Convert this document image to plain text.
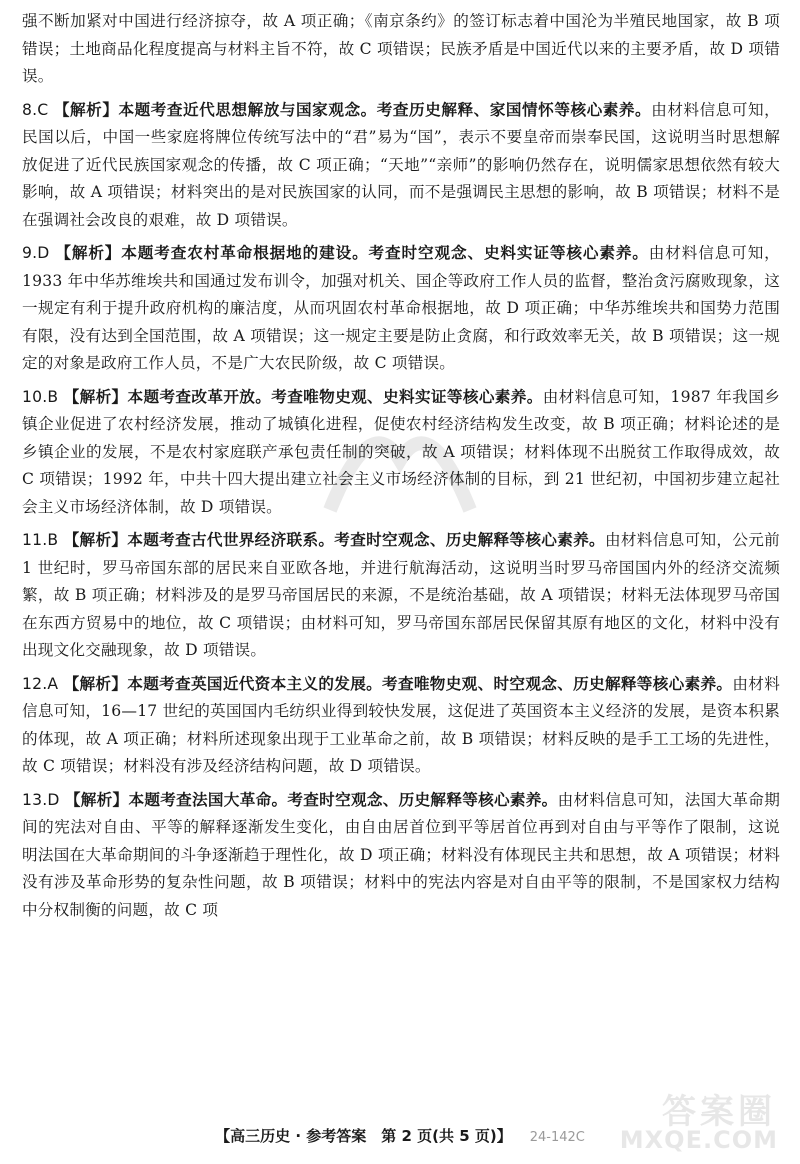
强不断加紧对中国进行经济掠夺，故 A 项正确；《南京条约》的签订标志着中国沦为半殖民地国家，故 B 项错误；土地商品化程度提高与材料主旨不符，故 C 项错误；民族矛盾是中国近代以来的主要矛盾，故 D 项错误。

8.C 【解析】本题考查近代思想解放与国家观念。考查历史解释、家国情怀等核心素养。由材料信息可知，民国以后，中国一些家庭将牌位传统写法中的“君”易为“国”，表示不要皇帝而崇奉民国，这说明当时思想解放促进了近代民族国家观念的传播，故 C 项正确；“天地”“亲师”的影响仍然存在，说明儒家思想依然有较大影响，故 A 项错误；材料突出的是对民族国家的认同，而不是强调民主思想的影响，故 B 项错误；材料不是在强调社会改良的艰难，故 D 项错误。
9.D 【解析】本题考查农村革命根据地的建设。考查时空观念、史料实证等核心素养。由材料信息可知，1933 年中华苏维埃共和国通过发布训令，加强对机关、国企等政府工作人员的监督，整治贪污腐败现象，这一规定有利于提升政府机构的廉洁度，从而巩固农村革命根据地，故 D 项正确；中华苏维埃共和国势力范围有限，没有达到全国范围，故 A 项错误；这一规定主要是防止贪腐，和行政效率无关，故 B 项错误；这一规定的对象是政府工作人员，不是广大农民阶级，故 C 项错误。
10.B 【解析】本题考查改革开放。考查唯物史观、史料实证等核心素养。由材料信息可知，1987 年我国乡镇企业促进了农村经济发展，推动了城镇化进程，促使农村经济结构发生改变，故 B 项正确；材料论述的是乡镇企业的发展，不是农村家庭联产承包责任制的突破，故 A 项错误；材料体现不出脱贫工作取得成效，故 C 项错误；1992 年，中共十四大提出建立社会主义市场经济体制的目标，到 21 世纪初，中国初步建立起社会主义市场经济体制，故 D 项错误。
11.B 【解析】本题考查古代世界经济联系。考查时空观念、历史解释等核心素养。由材料信息可知，公元前 1 世纪时，罗马帝国东部的居民来自亚欧各地，并进行航海活动，这说明当时罗马帝国国内外的经济交流频繁，故 B 项正确；材料涉及的是罗马帝国居民的来源，不是统治基础，故 A 项错误；材料无法体现罗马帝国在东西方贸易中的地位，故 C 项错误；由材料可知，罗马帝国东部居民保留其原有地区的文化，材料中没有出现文化交融现象，故 D 项错误。
12.A 【解析】本题考查英国近代资本主义的发展。考查唯物史观、时空观念、历史解释等核心素养。由材料信息可知，16—17 世纪的英国国内毛纺织业得到较快发展，这促进了英国资本主义经济的发展，是资本积累的体现，故 A 项正确；材料所述现象出现于工业革命之前，故 B 项错误；材料反映的是手工工场的先进性，故 C 项错误；材料没有涉及经济结构问题，故 D 项错误。
13.D 【解析】本题考查法国大革命。考查时空观念、历史解释等核心素养。由材料信息可知，法国大革命期间的宪法对自由、平等的解释逐渐发生变化，由自由居首位到平等居首位再到对自由与平等作了限制，这说明法国在大革命期间的斗争逐渐趋于理性化，故 D 项正确；材料没有体现民主共和思想，故 A 项错误；材料没有涉及革命形势的复杂性问题，故 B 项错误；材料中的宪法内容是对自由平等的限制，不是国家权力结构中分权制衡的问题，故 C 项
【高三历史 · 参考答案　第 2 页(共 5 页)】 24-142C
答案圈
MXQE.COM
